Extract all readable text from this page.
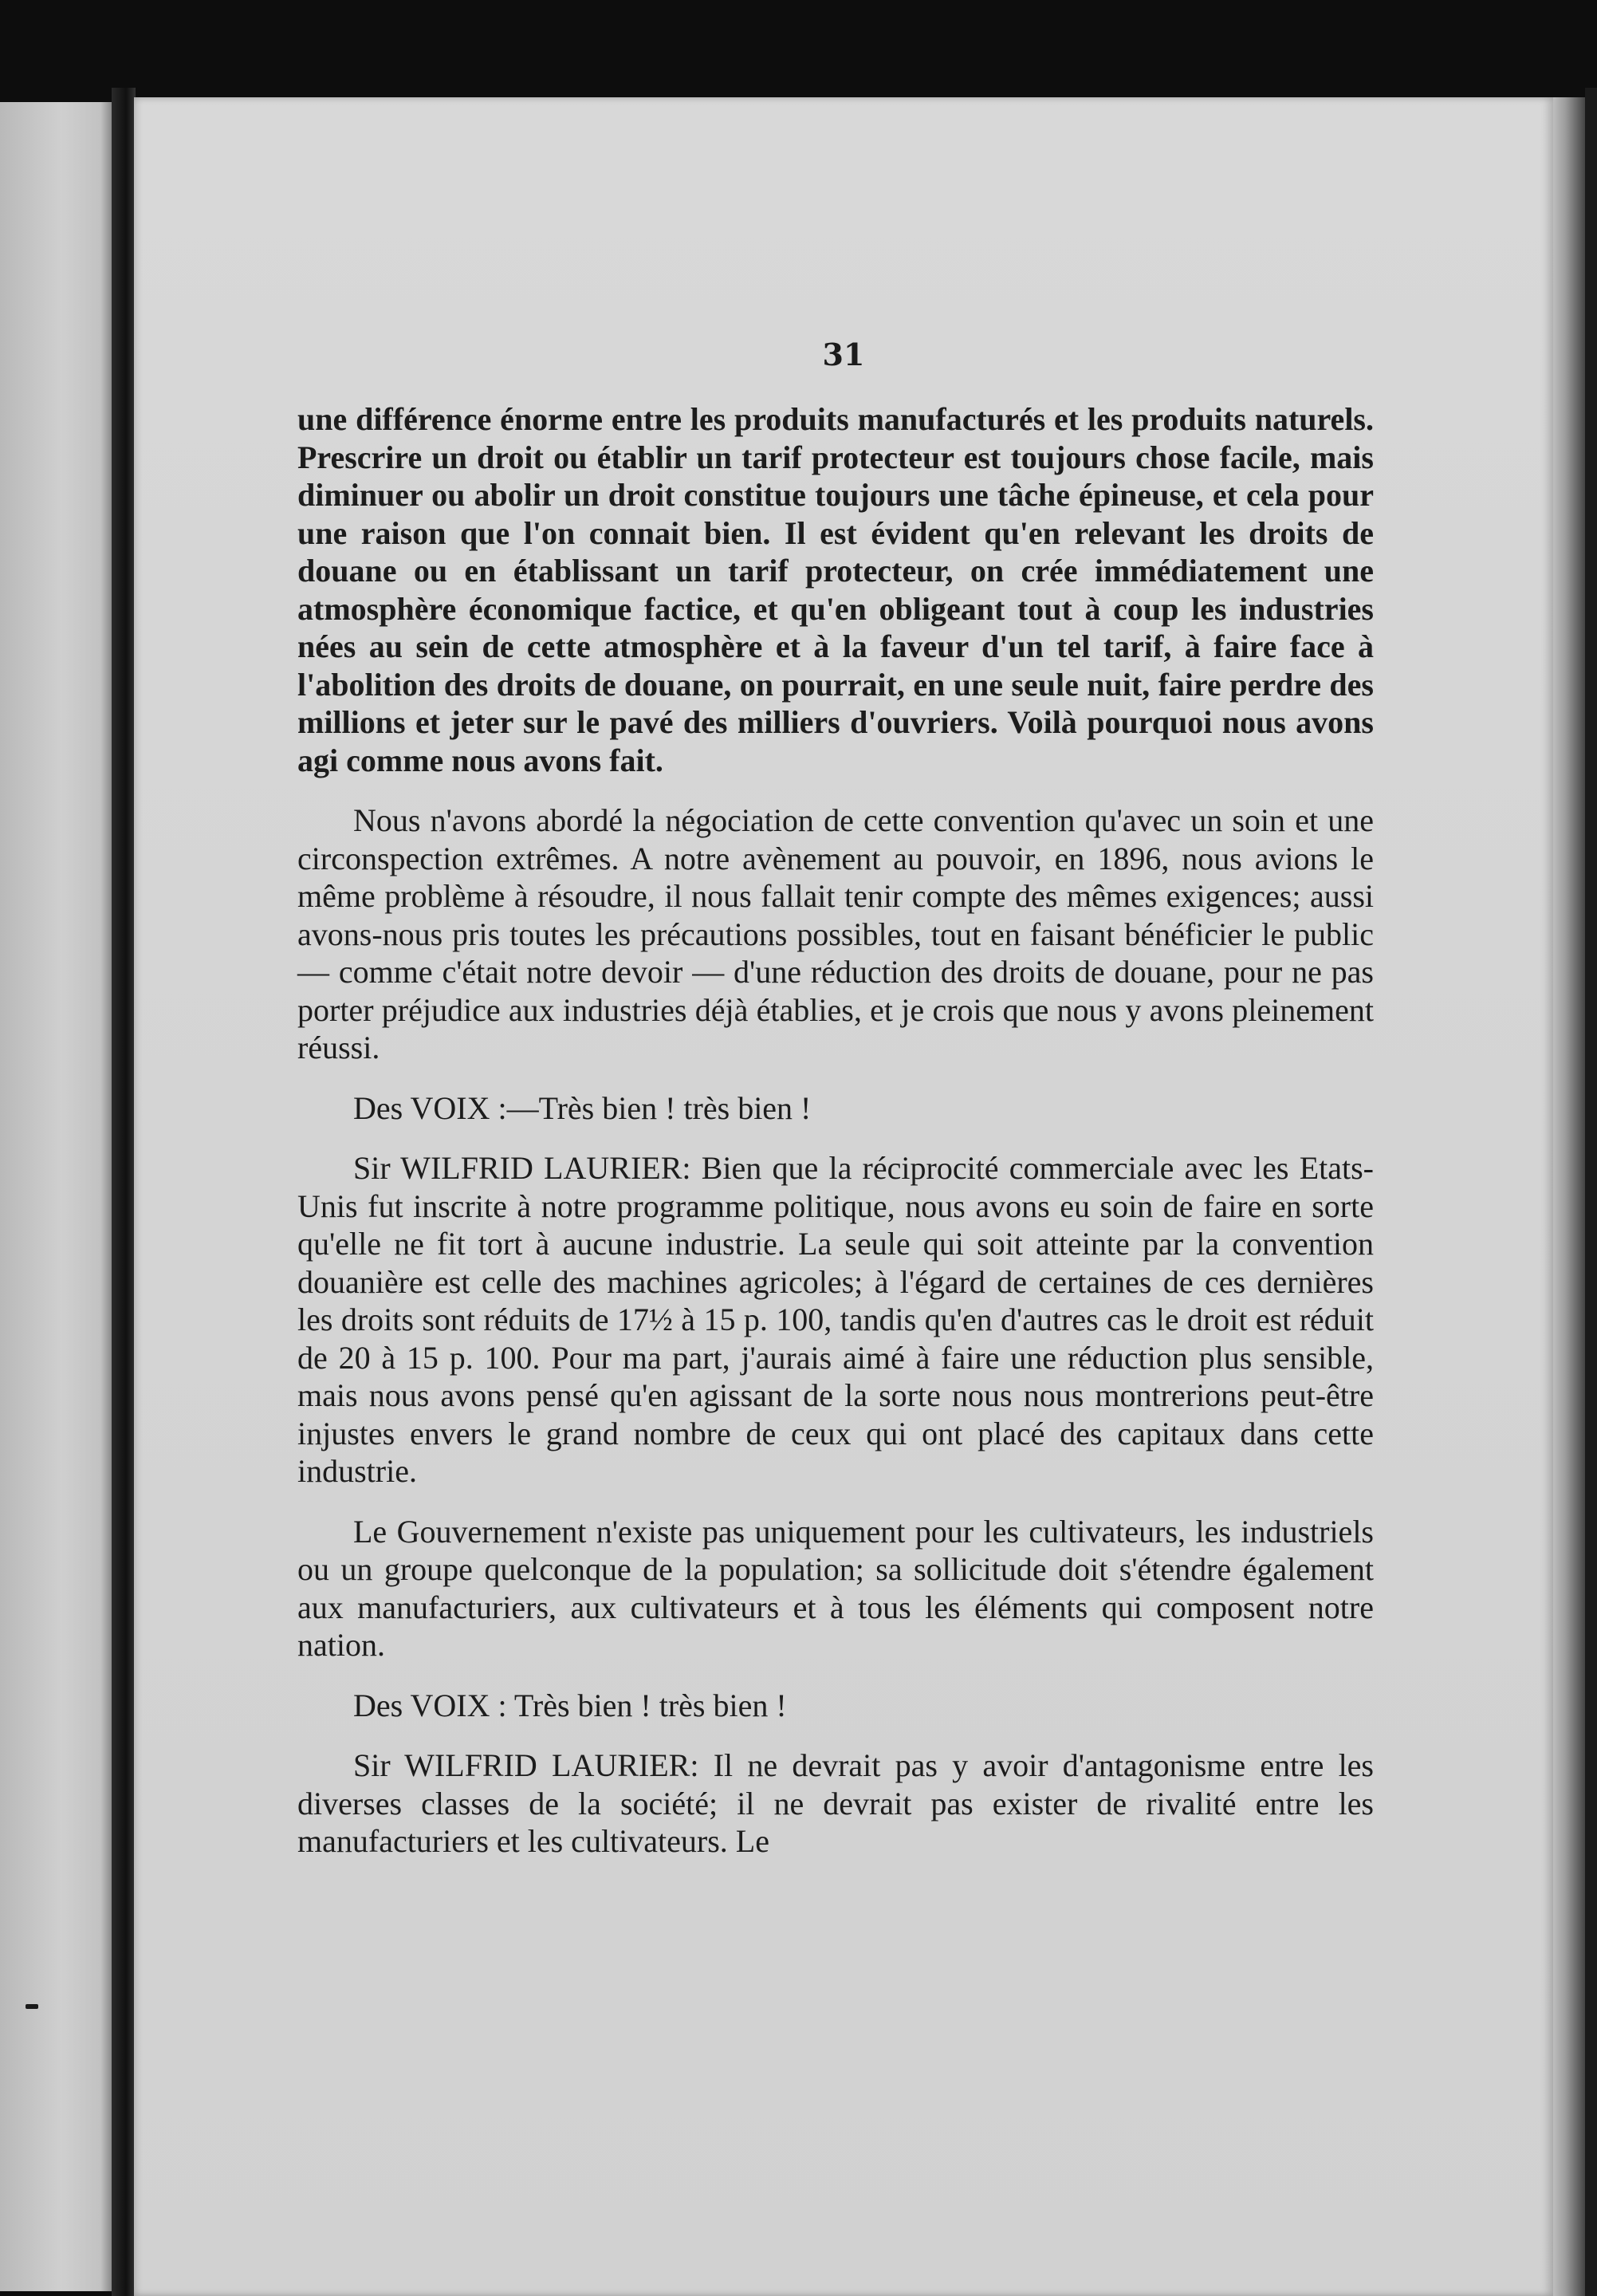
31

une différence énorme entre les produits manufacturés et les produits naturels. Prescrire un droit ou établir un tarif protecteur est toujours chose facile, mais diminuer ou abolir un droit constitue toujours une tâche épineuse, et cela pour une raison que l'on connait bien. Il est évident qu'en relevant les droits de douane ou en établissant un tarif protecteur, on crée immédiatement une atmosphère économique factice, et qu'en obligeant tout à coup les industries nées au sein de cette atmosphère et à la faveur d'un tel tarif, à faire face à l'abolition des droits de douane, on pourrait, en une seule nuit, faire perdre des millions et jeter sur le pavé des milliers d'ouvriers. Voilà pourquoi nous avons agi comme nous avons fait.

Nous n'avons abordé la négociation de cette convention qu'avec un soin et une circonspection extrêmes. A notre avènement au pouvoir, en 1896, nous avions le même problème à résoudre, il nous fallait tenir compte des mêmes exigences; aussi avons-nous pris toutes les précautions possibles, tout en faisant bénéficier le public — comme c'était notre devoir — d'une réduction des droits de douane, pour ne pas porter préjudice aux industries déjà établies, et je crois que nous y avons pleinement réussi.

Des VOIX :—Très bien ! très bien !

Sir WILFRID LAURIER: Bien que la réciprocité commerciale avec les Etats-Unis fut inscrite à notre programme politique, nous avons eu soin de faire en sorte qu'elle ne fit tort à aucune industrie. La seule qui soit atteinte par la convention douanière est celle des machines agricoles; à l'égard de certaines de ces dernières les droits sont réduits de 17½ à 15 p. 100, tandis qu'en d'autres cas le droit est réduit de 20 à 15 p. 100. Pour ma part, j'aurais aimé à faire une réduction plus sensible, mais nous avons pensé qu'en agissant de la sorte nous nous montrerions peut-être injustes envers le grand nombre de ceux qui ont placé des capitaux dans cette industrie.

Le Gouvernement n'existe pas uniquement pour les cultivateurs, les industriels ou un groupe quelconque de la population; sa sollicitude doit s'étendre également aux manufacturiers, aux cultivateurs et à tous les éléments qui composent notre nation.

Des VOIX : Très bien ! très bien !

Sir WILFRID LAURIER: Il ne devrait pas y avoir d'antagonisme entre les diverses classes de la société; il ne devrait pas exister de rivalité entre les manufacturiers et les cultivateurs. Le
